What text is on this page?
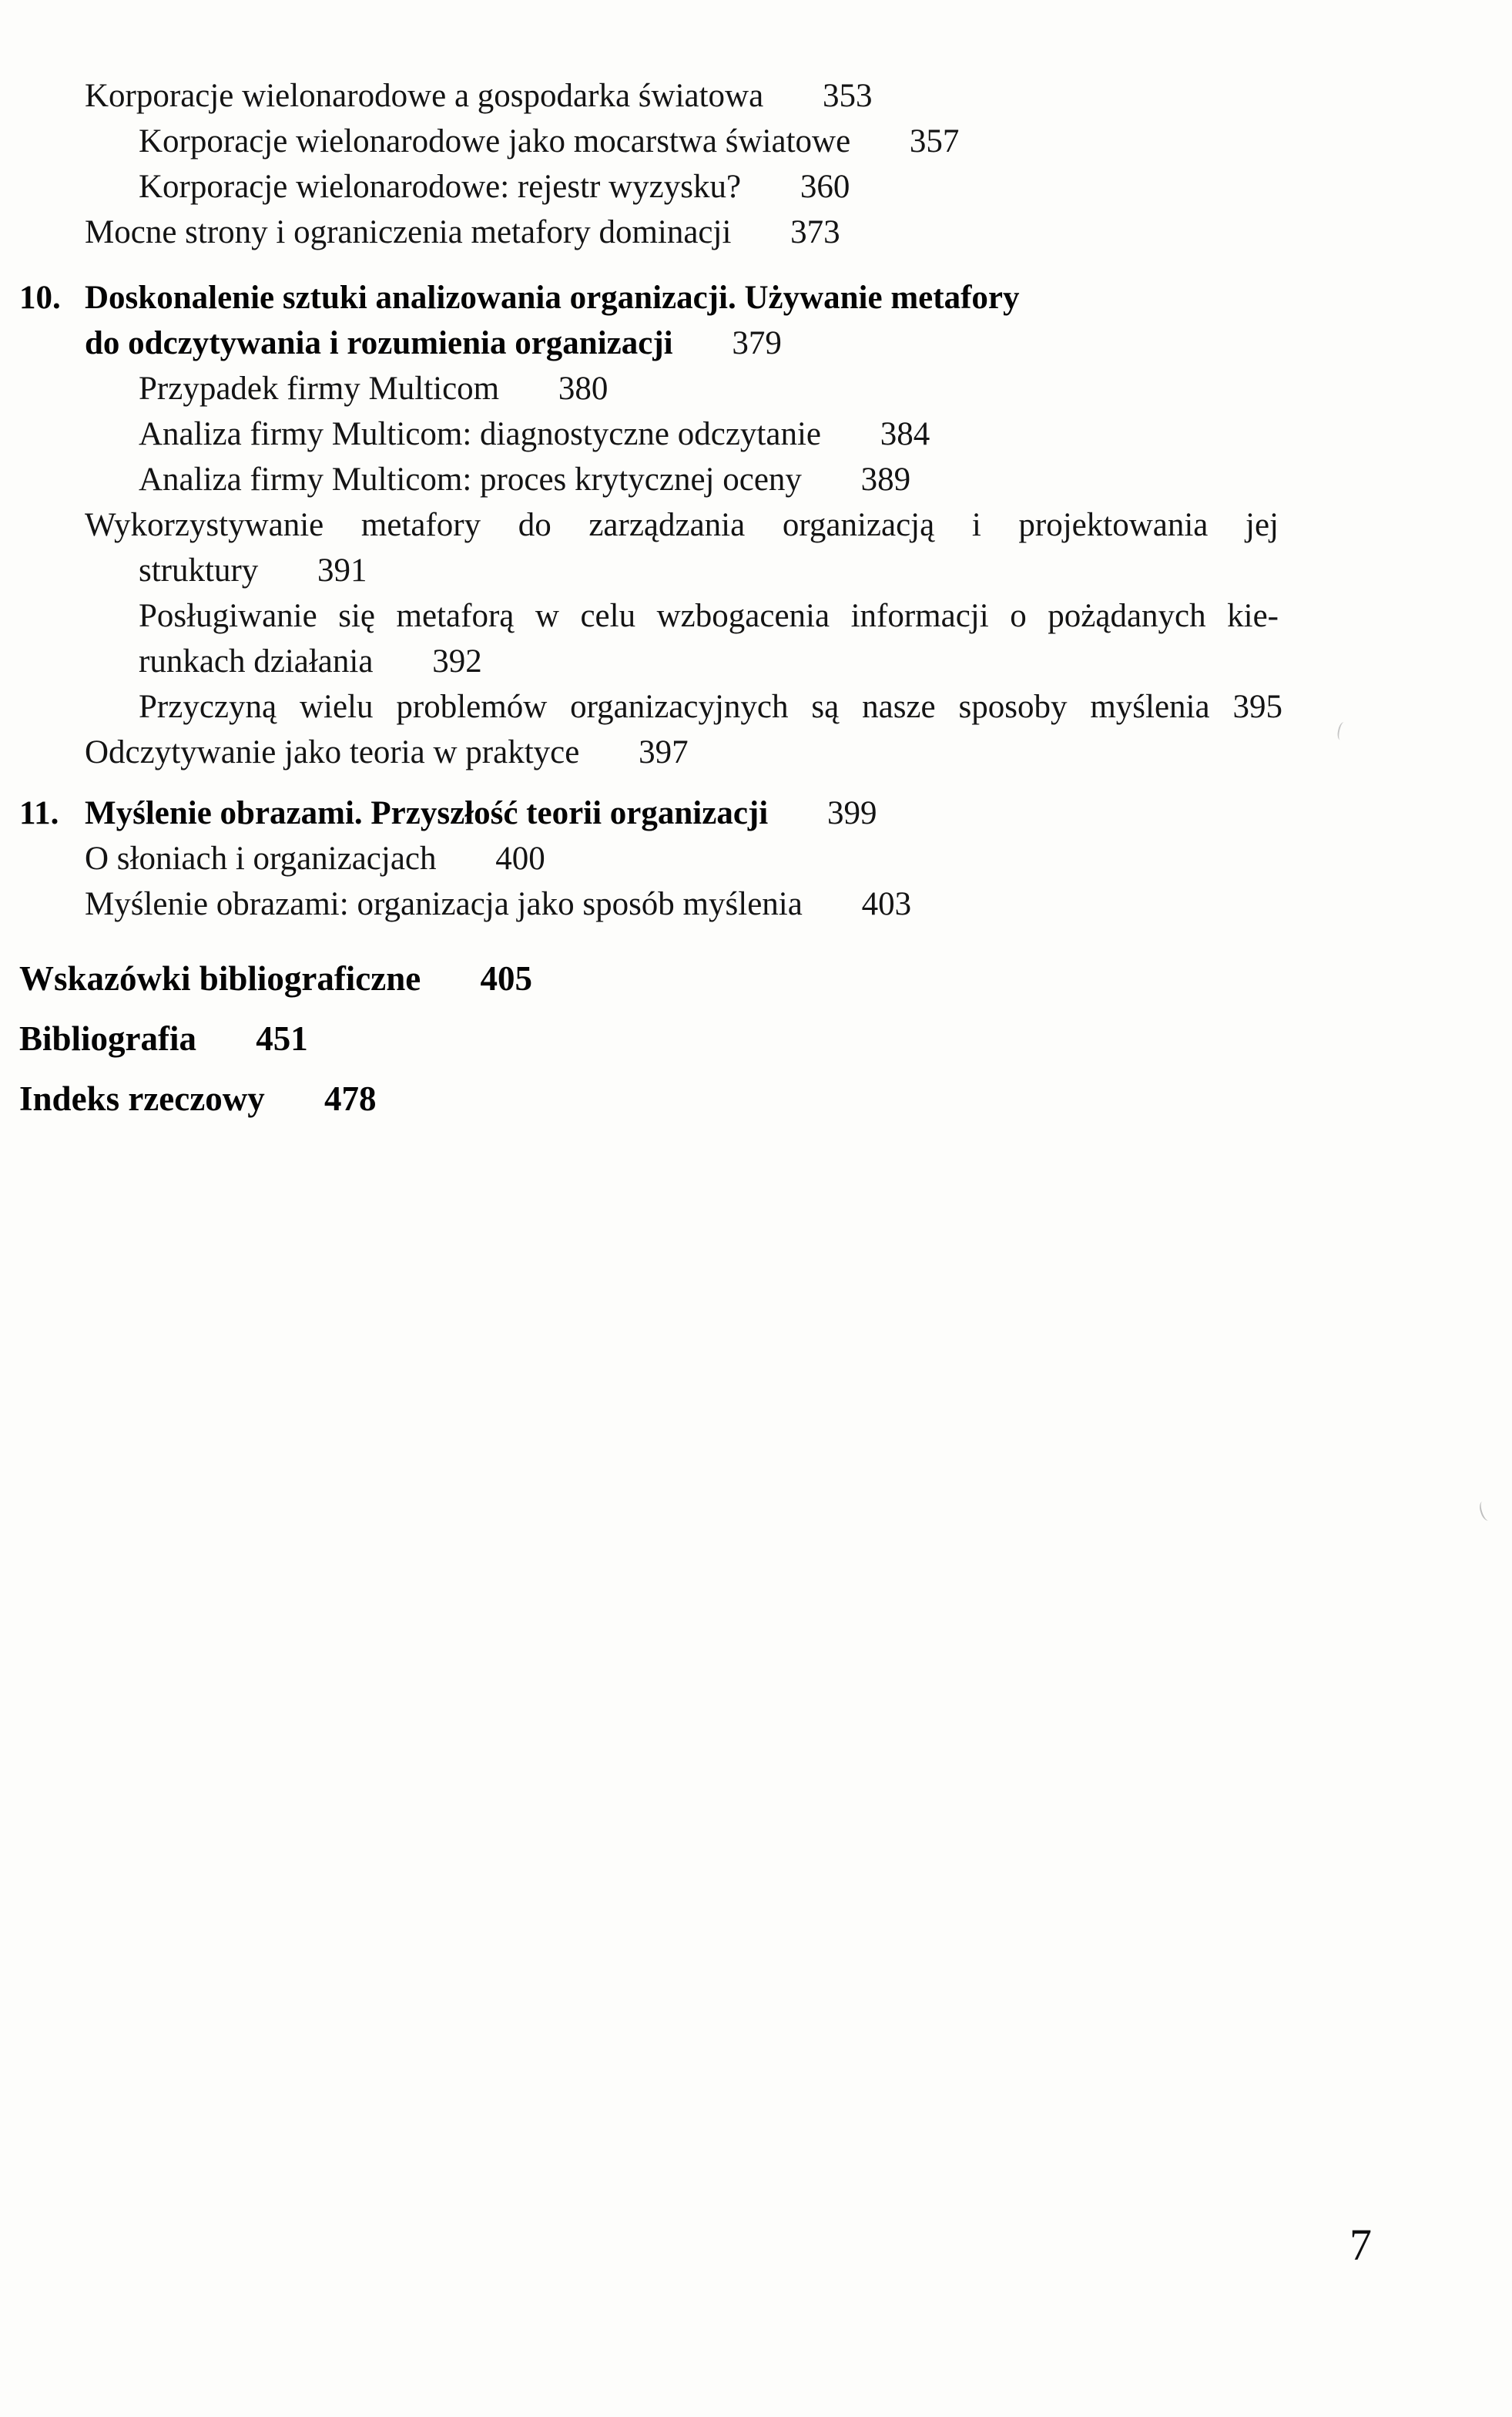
Korporacje wielonarodowe a gospodarka światowa 353
Korporacje wielonarodowe jako mocarstwa światowe 357
Korporacje wielonarodowe: rejestr wyzysku? 360
Mocne strony i ograniczenia metafory dominacji 373
10. Doskonalenie sztuki analizowania organizacji. Używanie metafory
do odczytywania i rozumienia organizacji 379
Przypadek firmy Multicom 380
Analiza firmy Multicom: diagnostyczne odczytanie 384
Analiza firmy Multicom: proces krytycznej oceny 389
Wykorzystywanie metafory do zarządzania organizacją i projektowania jej
struktury 391
Posługiwanie się metaforą w celu wzbogacenia informacji o pożądanych kie-
runkach działania 392
Przyczyną wielu problemów organizacyjnych są nasze sposoby myślenia 395
Odczytywanie jako teoria w praktyce 397
11. Myślenie obrazami. Przyszłość teorii organizacji 399
O słoniach i organizacjach 400
Myślenie obrazami: organizacja jako sposób myślenia 403
Wskazówki bibliograficzne 405
Bibliografia 451
Indeks rzeczowy 478
7
